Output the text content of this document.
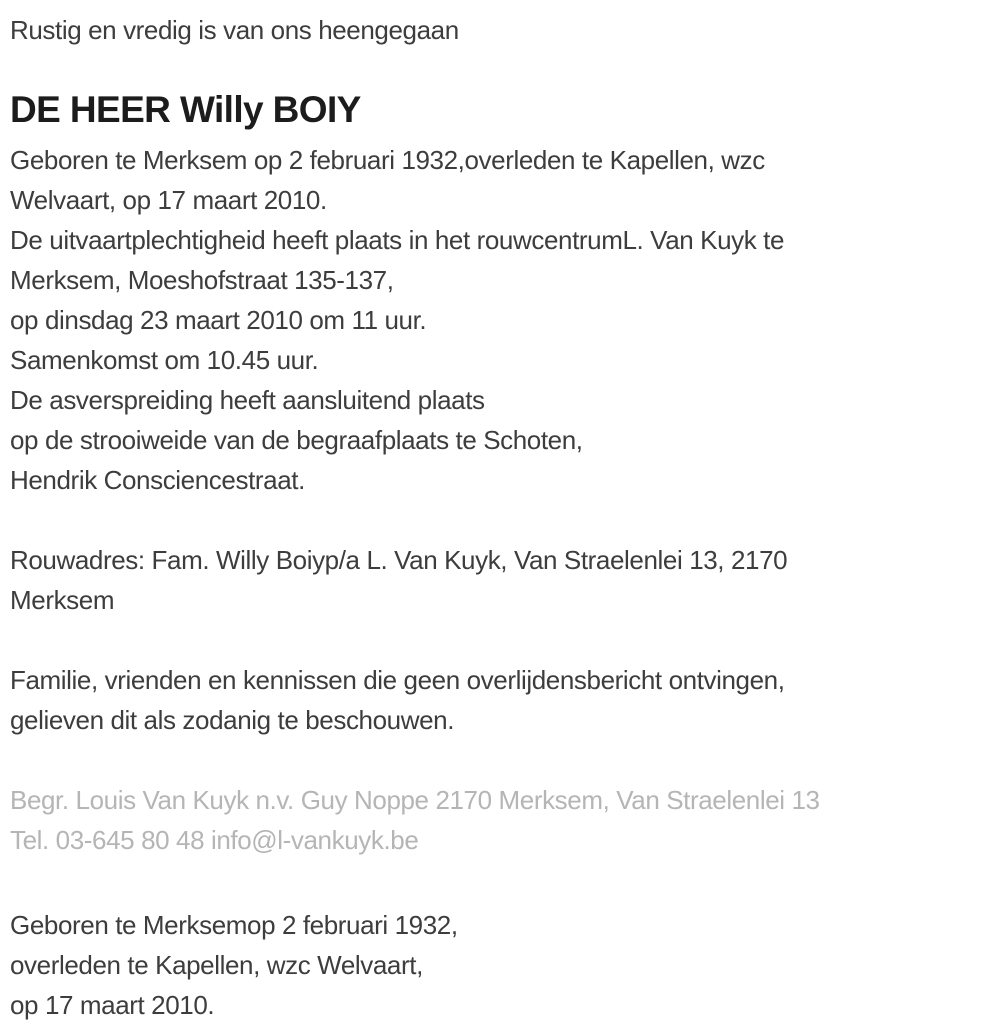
Rustig en vredig is van ons heengegaan
DE HEER Willy BOIY
Geboren te Merksem op 2 februari 1932,overleden te Kapellen, wzc
Welvaart, op 17 maart 2010.
De uitvaartplechtigheid heeft plaats in het rouwcentrumL. Van Kuyk te
Merksem, Moeshofstraat 135-137,
op dinsdag 23 maart 2010 om 11 uur.
Samenkomst om 10.45 uur.
De asverspreiding heeft aansluitend plaats
op de strooiweide van de begraafplaats te Schoten,
Hendrik Consciencestraat.
Rouwadres: Fam. Willy Boiyp/a L. Van Kuyk, Van Straelenlei 13, 2170
Merksem
Familie, vrienden en kennissen die geen overlijdensbericht ontvingen,
gelieven dit als zodanig te beschouwen.
Begr. Louis Van Kuyk n.v. Guy Noppe 2170 Merksem, Van Straelenlei 13
Tel. 03-645 80 48 info@l-vankuyk.be
Geboren te Merksemop 2 februari 1932,
overleden te Kapellen, wzc Welvaart,
op 17 maart 2010.
